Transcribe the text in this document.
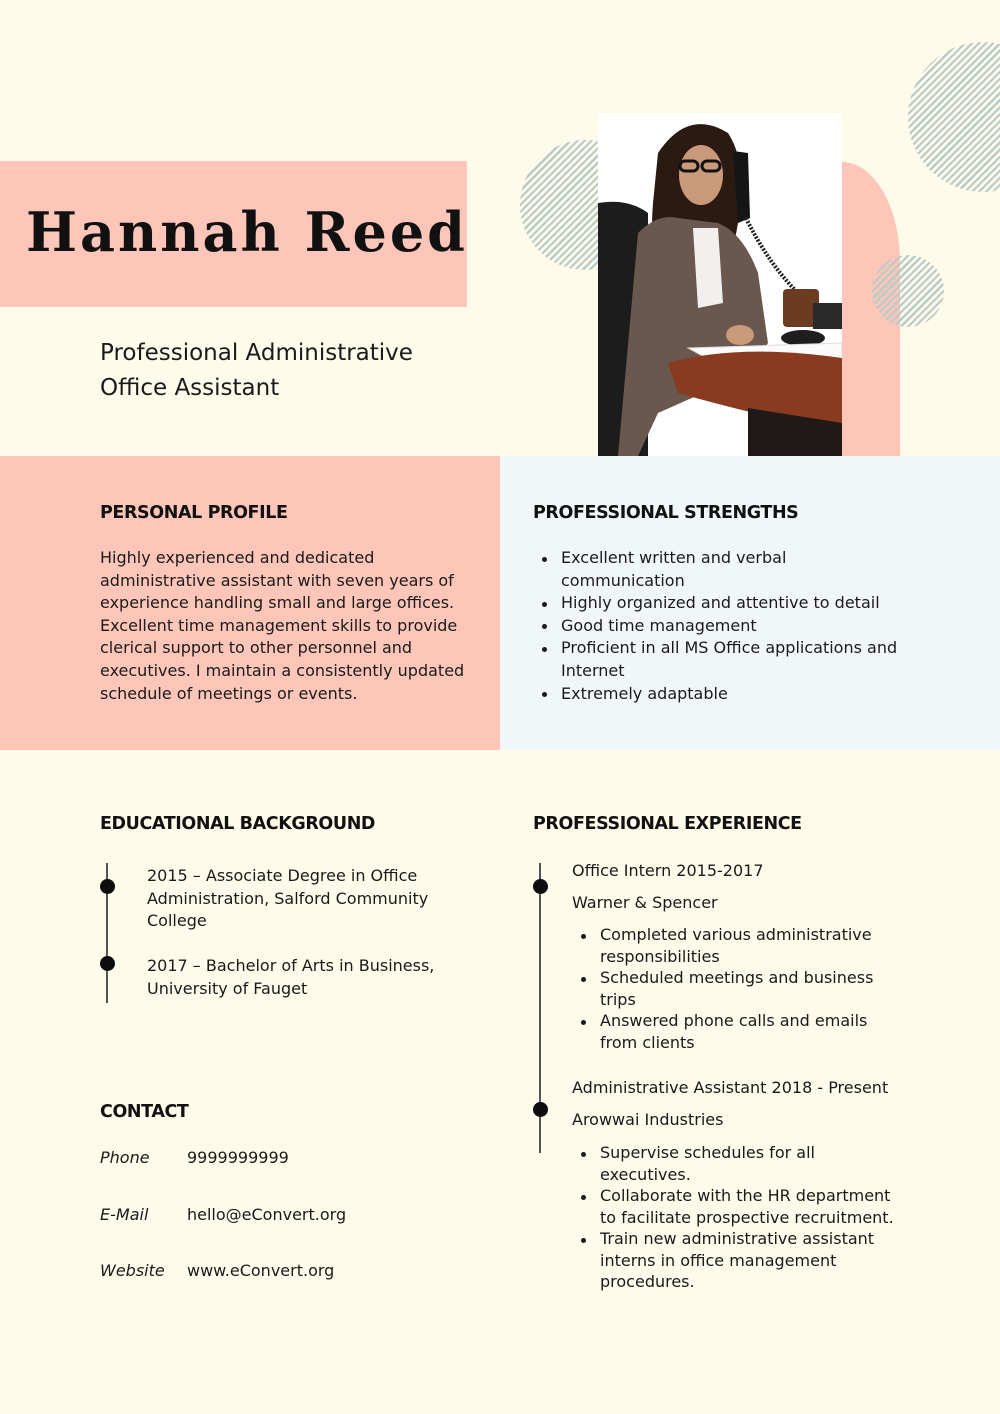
Hannah Reed
Professional Administrative
Office Assistant
PERSONAL PROFILE
Highly experienced and dedicated administrative assistant with seven years of experience handling small and large offices. Excellent time management skills to provide clerical support to other personnel and executives. I maintain a consistently updated schedule of meetings or events.
PROFESSIONAL STRENGTHS
Excellent written and verbal communication
Highly organized and attentive to detail
Good time management
Proficient in all MS Office applications and Internet
Extremely adaptable
EDUCATIONAL BACKGROUND
2015 – Associate Degree in Office Administration, Salford Community College
2017 – Bachelor of Arts in Business, University of Fauget
CONTACT
Phone	9999999999
E-Mail	hello@eConvert.org
Website	www.eConvert.org
PROFESSIONAL EXPERIENCE
Office Intern 2015-2017
Warner & Spencer
Completed various administrative responsibilities
Scheduled meetings and business trips
Answered phone calls and emails from clients
Administrative Assistant 2018 - Present
Arowwai Industries
Supervise schedules for all executives.
Collaborate with the HR department to facilitate prospective recruitment.
Train new administrative assistant interns in office management procedures.
